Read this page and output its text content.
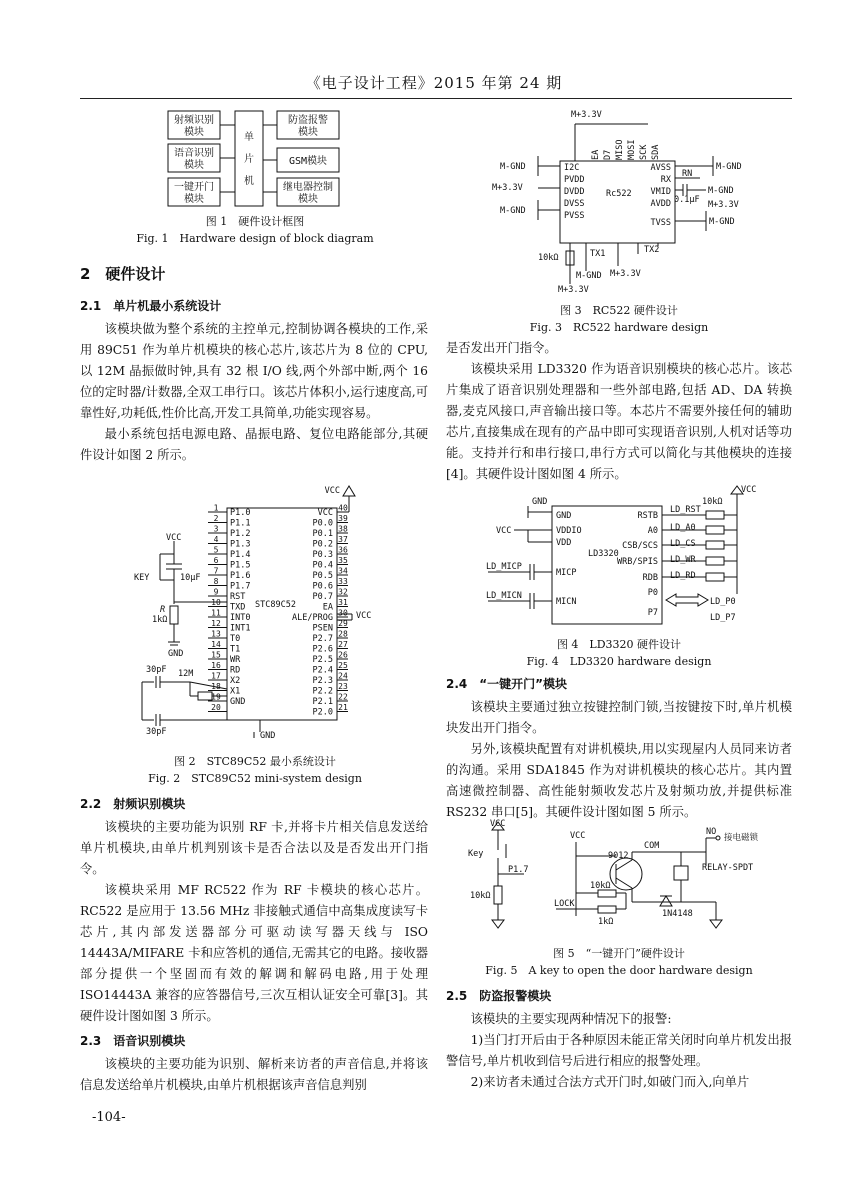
《电子设计工程》2015 年第 24 期
射频识别
模块
语音识别
模块
一键开门
模块
单
片
机
防盗报警
模块
GSM模块
继电器控制
模块
图 1　硬件设计框图
Fig. 1　Hardware design of block diagram
2　硬件设计
2.1　单片机最小系统设计

该模块做为整个系统的主控单元,控制协调各模块的工作,采用 89C51 作为单片机模块的核心芯片,该芯片为 8 位的 CPU,以 12M 晶振做时钟,具有 32 根 I/O 线,两个外部中断,两个 16 位的定时器/计数器,全双工串行口。该芯片体积小,运行速度高,可靠性好,功耗低,性价比高,开发工具简单,功能实现容易。

最小系统包括电源电路、晶振电路、复位电路能部分,其硬件设计如图 2 所示。

1 P1.0
2 P1.1
3 P1.2
4 P1.3
5 P1.4
6 P1.5
7 P1.6
8 P1.7
9 RST
10 TXD
11 INT0
12 INT1
13 T0
14 T1
15 WR
16 RD
17 X2
18 X1
19 GND
20
40
VCC
39
P0.0
38
P0.1
37
P0.2
36
P0.3
35
P0.4
34
P0.5
33
P0.6
32
P0.7
31
EA
30
ALE/PROG
29
PSEN
28
P2.7
27
P2.6
26
P2.5
25
P2.4
24
P2.3
23
P2.2
22
P2.1
21
P2.0
VCC
STC89C52
VCC
KEY	10μF
R
1kΩ
GND
30pF 12M
30pF	GND
VCC
图 2　STC89C52 最小系统设计
Fig. 2　STC89C52 mini-system design
2.2　射频识别模块

该模块的主要功能为识别 RF 卡,并将卡片相关信息发送给单片机模块,由单片机判别该卡是否合法以及是否发出开门指令。

该模块采用 MF RC522 作为 RF 卡模块的核心芯片。RC522 是应用于 13.56 MHz 非接触式通信中高集成度读写卡芯片,其内部发送器部分可驱动读写器天线与 ISO 14443A/MIFARE 卡和应答机的通信,无需其它的电路。接收器部分提供一个坚固而有效的解调和解码电路,用于处理 ISO14443A 兼容的应答器信号,三次互相认证安全可靠[3]。其硬件设计图如图 3 所示。

2.3　语音识别模块

该模块的主要功能为识别、解析来访者的声音信息,并将该信息发送给单片机模块,由单片机根据该声音信息判别

-104-
M+3.3V
SDA
SCK
MOSI
MISO
EA D7
I2C
PVDD
DVDD
DVSS
PVSS
Rc522
AVSS
RX
VMID
AVDD
TVSS
M-GND
M+3.3V
M-GND
M-GND
M-GND
M+3.3V
M-GND
RN
0.1μF
10kΩ	TX1	TX2
M-GND M+3.3V
M+3.3V
图 3　RC522 硬件设计
Fig. 3　RC522 hardware design

是否发出开门指令。

该模块采用 LD3320 作为语音识别模块的核心芯片。该芯片集成了语音识别处理器和一些外部电路,包括 AD、DA 转换器,麦克风接口,声音输出接口等。本芯片不需要外接任何的辅助芯片,直接集成在现有的产品中即可实现语音识别,人机对话等功能。支持并行和串行接口,串行方式可以简化与其他模块的连接[4]。其硬件设计图如图 4 所示。

GND
VDDIO
VDD
MICP
MICN
LD3320
RSTB
A0
CSB/SCS
WRB/SPIS
RDB
P0
P7
VCC
GND
VCC
LD_MICP
LD_MICN
LD_RST
LD_A0
LD_CS
LD_WR
LD_RD
LD_P0
LD_P7
10kΩ
图 4　LD3320 硬件设计
Fig. 4　LD3320 hardware design
2.4　“一键开门”模块

该模块主要通过独立按键控制门锁,当按键按下时,单片机模块发出开门指令。

另外,该模块配置有对讲机模块,用以实现屋内人员同来访者的沟通。采用 SDA1845 作为对讲机模块的核心芯片。其内置高速微控制器、高性能射频收发芯片及射频功放,并提供标准 RS232 串口[5]。其硬件设计图如图 5 所示。

VCC
Key
P1.7
10kΩ
VCC
COM
NO
接电磁锁
9012
RELAY-SPDT
10kΩ
LOCK
1kΩ
1N4148
图 5　“一键开门”硬件设计
Fig. 5　A key to open the door hardware design
2.5　防盗报警模块

该模块的主要实现两种情况下的报警:

1)当门打开后由于各种原因未能正常关闭时向单片机发出报警信号,单片机收到信号后进行相应的报警处理。

2)来访者未通过合法方式开门时,如破门而入,向单片
